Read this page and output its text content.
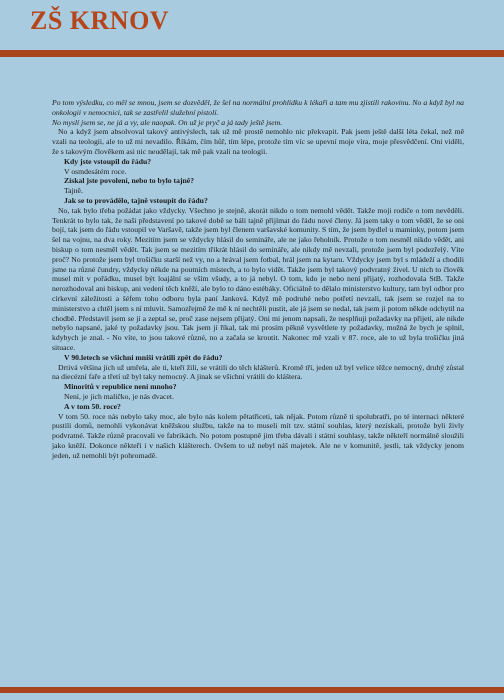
ZŠ KRNOV

Po tom výsledku, co měl se mnou, jsem se dozvěděl, že šel na normální prohlídku k lékaři a tam mu zjistili rakovinu. No a když byl na onkologii v nemocnici, tak se zastřelil služební pistolí.

No myslí jsem se, ne já a vy, ale naopak. On už je pryč a já tady ještě jsem.

No a když jsem absolvoval takový antivýslech, tak už mě prostě nemohlo nic překvapit. Pak jsem ještě další léta čekal, než mě vzali na teologii, ale to už mi nevadilo. Říkám, čím hůř, tím lépe, protože tím víc se upevní moje víra, moje přesvědčení. Oni viděli, že s takovým člověkem asi nic neudělají, tak mě pak vzali na teologii.

Kdy jste vstoupil do řádu?

V osmdesátém roce.

Získal jste povolení, nebo to bylo tajně?

Tajně.

Jak se to provádělo, tajně vstoupit do řádu?

No, tak bylo třeba požádat jako vždycky. Všechno je stejně, akorát nikdo o tom nemohl vědět. Takže moji rodiče o tom nevěděli. Tenkrát to bylo tak, že naši představení po takové době se báli tajně přijímat do řádu nové členy. Já jsem taky o tom věděl, že se oni bojí, tak jsem do řádu vstoupil ve Varšavě, takže jsem byl členem varšavské komunity. S tím, že jsem bydlel u maminky, potom jsem šel na vojnu, na dva roky. Mezitím jsem se vždycky hlásil do semináře, ale ne jako řeholník. Protože o tom nesměl nikdo vědět, ani biskup o tom nesměl vědět. Tak jsem se mezitím třikrát hlásil do semináře, ale nikdy mě nevzali, protože jsem byl podezřelý. Víte proč? No protože jsem byl trošičku starší než vy, no a hrával jsem fotbal, hrál jsem na kytaru. Vždycky jsem byl s mládeží a chodili jsme na různé čundry, vždycky někde na poutních místech, a to bylo vidět. Takže jsem byl takový podvratný živel. U nich to člověk musel mít v pořádku, musel být loajální se vším všudy, a to já nebyl. O tom, kdo je nebo není přijatý, rozhodovala StB. Takže nerozhodoval ani biskup, ani vedení těch kněží, ale bylo to dáno estébáky. Oficiálně to dělalo ministerstvo kultury, tam byl odbor pro církevní záležitosti a šéfem toho odboru byla paní Janková. Když mě podruhé nebo potřetí nevzali, tak jsem se rozjel na to ministerstvo a chtěl jsem s ní mluvit. Samozřejmě že mě k ní nechtěli pustit, ale já jsem se nedal, tak jsem ji potom někde odchytil na chodbě. Představil jsem se jí a zeptal se, proč zase nejsem přijatý. Oni mi jenom napsali, že nesplňuji požadavky na přijetí, ale nikde nebylo napsané, jaké ty požadavky jsou. Tak jsem jí říkal, tak mi prosím pěkně vysvětlete ty požadavky, možná že bych je splnil, kdybych je znal. - No víte, to jsou takové různé, no a začala se kroutit. Nakonec mě vzali v 87. roce, ale to už byla trošičku jiná situace.

V 90.letech se všichni mniši vrátili zpět do řádu?

Drtivá většina jich už umřela, ale ti, kteří žili, se vrátili do těch klášterů. Kromě tří, jeden už byl velice těžce nemocný, druhý zůstal na diecézní faře a třetí už byl taky nemocný. A jinak se všichni vrátili do kláštera.

Minoritů v republice není mnoho?

Není, je jich maličko, je nás dvacet.

A v tom 50. roce?

V tom 50. roce nás nebylo taky moc, ale bylo nás kolem pětatřiceti, tak nějak. Potom různě ti spolubratři, po té internaci některé pustili domů, nemohli vykonávat kněžskou službu, takže na to museli mít tzv. státní souhlas, který nezískali, protože byli živly podvratné. Takže různě pracovali ve fabrikách. No potom postupně jim třeba dávali i státní souhlasy, takže někteří normálně sloužili jako kněží. Dokonce někteří i v našich klášterech. Ovšem to už nebyl náš majetek. Ale ne v komunitě, jestli, tak vždycky jenom jeden, už nemohli být pohromadě.
